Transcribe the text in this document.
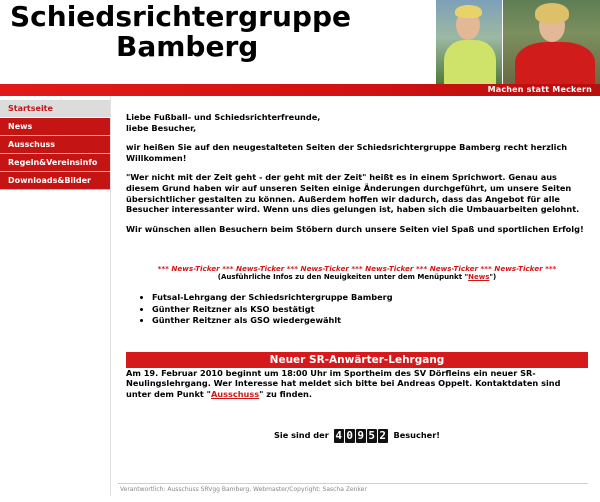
Schiedsrichtergruppe
Bamberg
Machen statt Meckern
Startseite
News
Ausschuss
Regeln&Vereinsinfo
Downloads&Bilder

Liebe Fußball- und Schiedsrichterfreunde,
liebe Besucher,

wir heißen Sie auf den neugestalteten Seiten der Schiedsrichtergruppe Bamberg recht herzlich Willkommen!

"Wer nicht mit der Zeit geht - der geht mit der Zeit" heißt es in einem Sprichwort. Genau aus diesem Grund haben wir auf unseren Seiten einige Änderungen durchgeführt, um unsere Seiten übersichtlicher gestalten zu können. Außerdem hoffen wir dadurch, dass das Angebot für alle Besucher interessanter wird. Wenn uns dies gelungen ist, haben sich die Umbauarbeiten gelohnt.

Wir wünschen allen Besuchern beim Stöbern durch unsere Seiten viel Spaß und sportlichen Erfolg!

*** News-Ticker *** News-Ticker *** News-Ticker *** News-Ticker *** News-Ticker *** News-Ticker ***
(Ausführliche Infos zu den Neuigkeiten unter dem Menüpunkt "News")
• Futsal-Lehrgang der Schiedsrichtergruppe Bamberg
• Günther Reitzner als KSO bestätigt
• Günther Reitzner als GSO wiedergewählt
Neuer SR-Anwärter-Lehrgang

Am 19. Februar 2010 beginnt um 18:00 Uhr im Sportheim des SV Dörfleins ein neuer SR-Neulingslehrgang. Wer Interesse hat meldet sich bitte bei Andreas Oppelt. Kontaktdaten sind unter dem Punkt "Ausschuss" zu finden.

Sie sind der 4 0 9 5 2 Besucher!
Verantwortlich: Ausschuss SRVgg Bamberg, Webmaster/Copyright: Sascha Zenker
